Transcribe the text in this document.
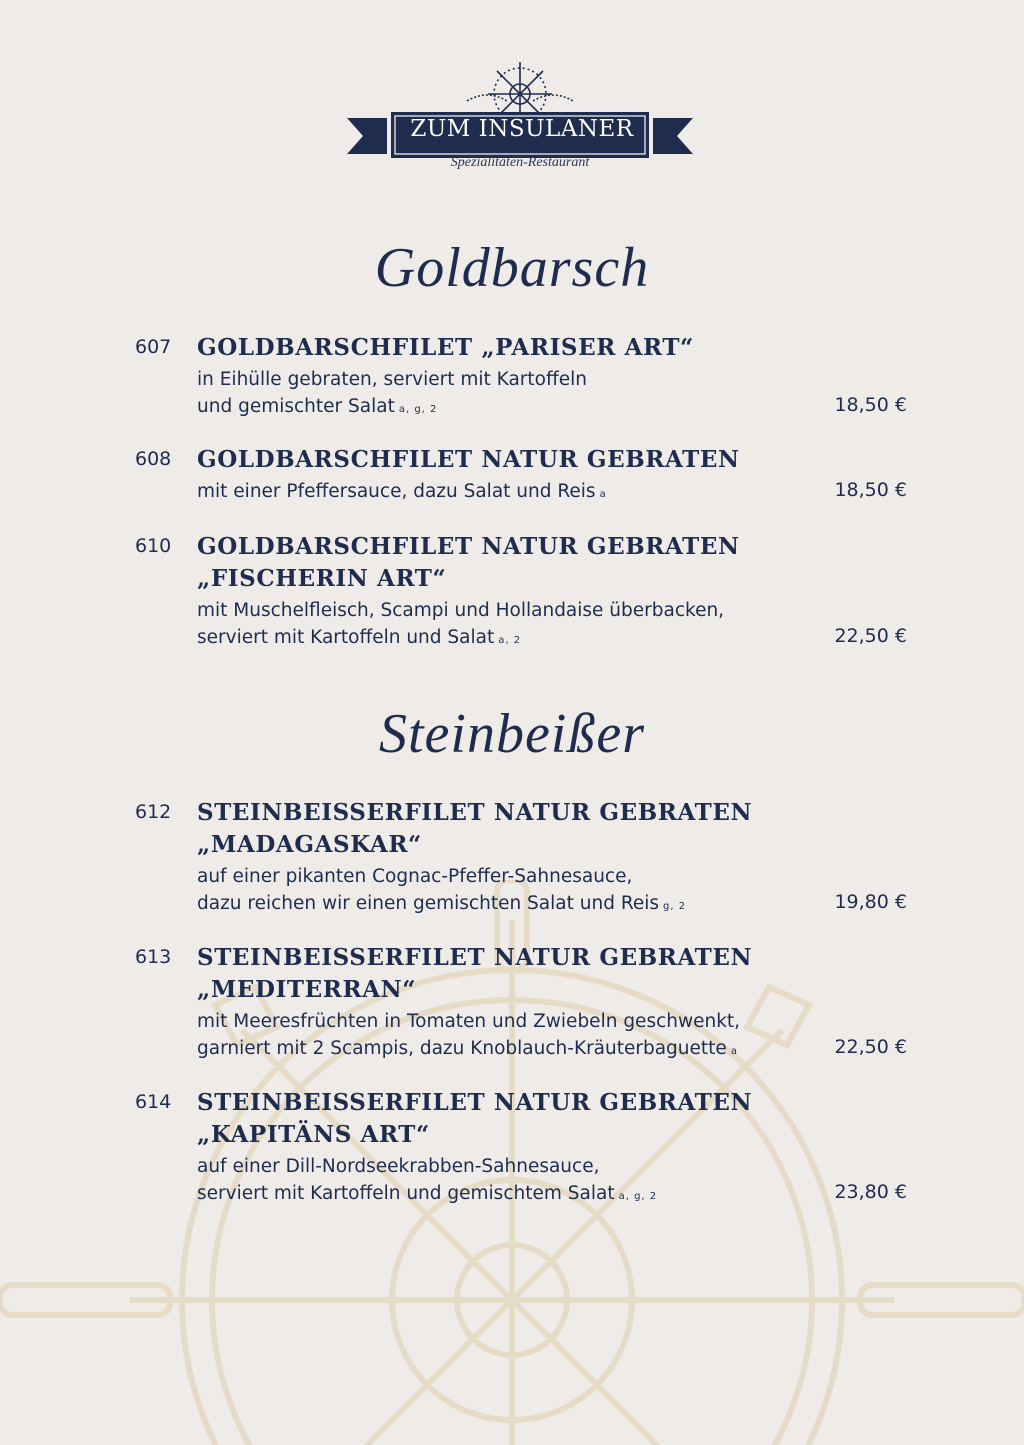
ZUM INSULANER
Spezialitäten-Restaurant
Goldbarsch
607 GOLDBARSCHFILET „PARISER ART“
in Eihülle gebraten, serviert mit Kartoffeln
und gemischter Salat a, g, 2	18,50 €
608 GOLDBARSCHFILET NATUR GEBRATEN
mit einer Pfeffersauce, dazu Salat und Reis a	18,50 €
610 GOLDBARSCHFILET NATUR GEBRATEN
„FISCHERIN ART“
mit Muschelfleisch, Scampi und Hollandaise überbacken,
serviert mit Kartoffeln und Salat a, 2	22,50 €
Steinbeißer
612 STEINBEISSERFILET NATUR GEBRATEN
„MADAGASKAR“
auf einer pikanten Cognac-Pfeffer-Sahnesauce,
dazu reichen wir einen gemischten Salat und Reis g, 2	19,80 €
613 STEINBEISSERFILET NATUR GEBRATEN
„MEDITERRAN“
mit Meeresfrüchten in Tomaten und Zwiebeln geschwenkt,
garniert mit 2 Scampis, dazu Knoblauch-Kräuterbaguette a	22,50 €
614 STEINBEISSERFILET NATUR GEBRATEN
„KAPITÄNS ART“
auf einer Dill-Nordseekrabben-Sahnesauce,
serviert mit Kartoffeln und gemischtem Salat a, g, 2	23,80 €
